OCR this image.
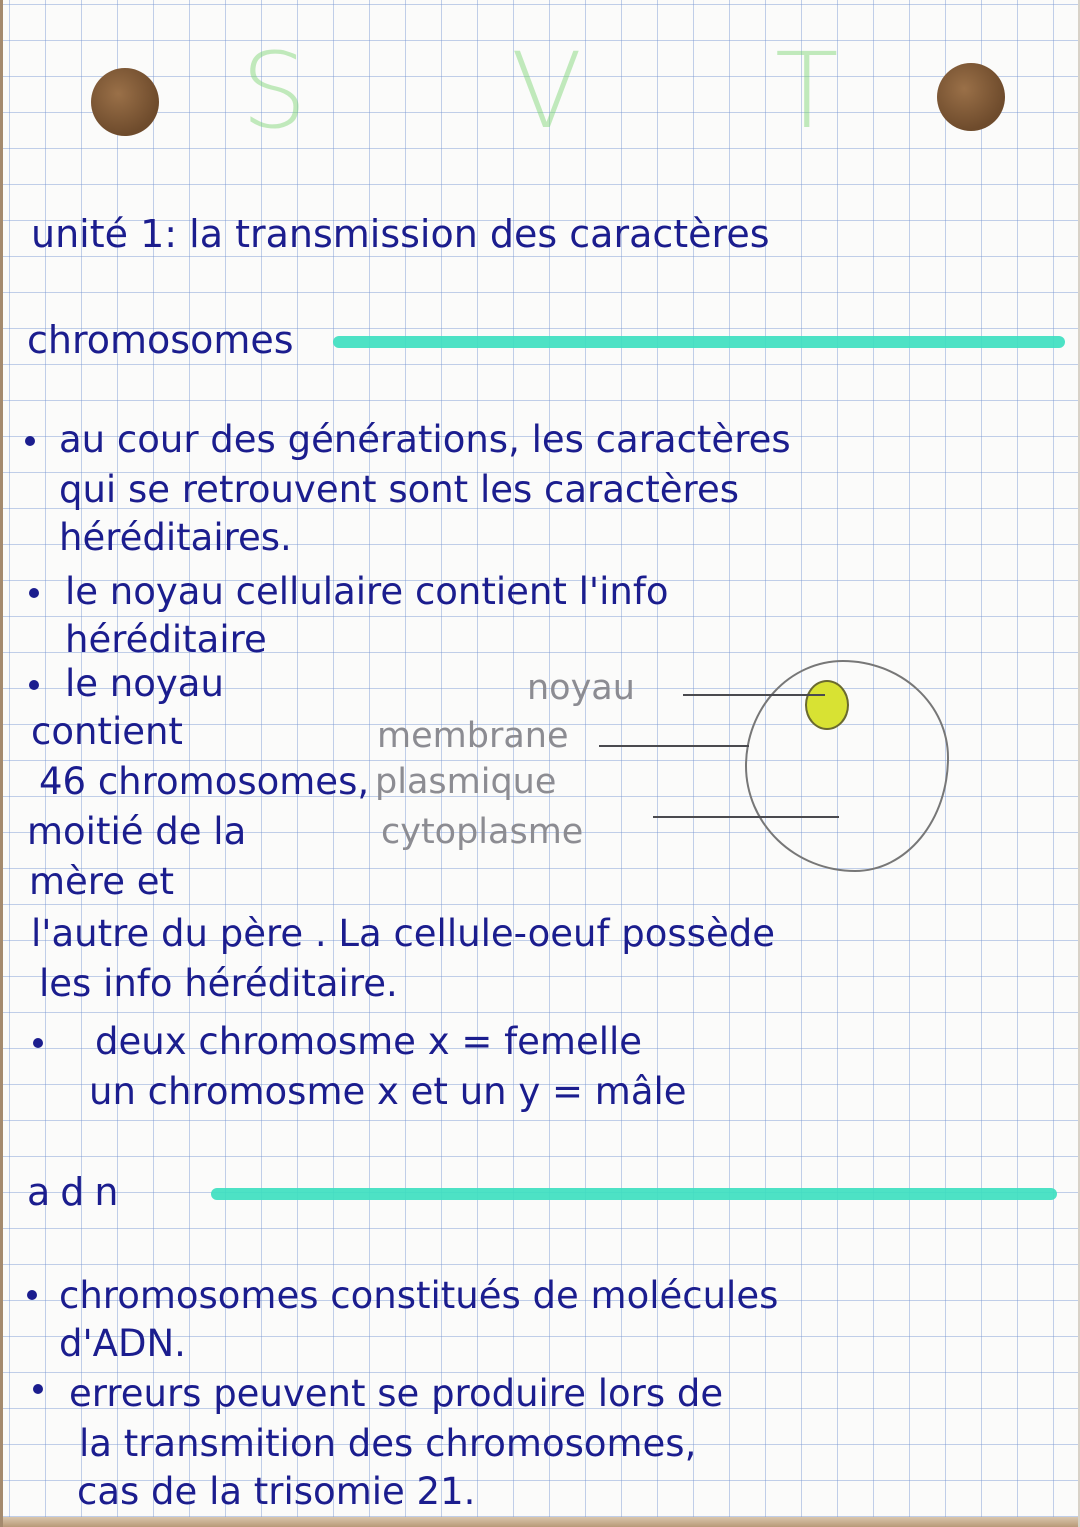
S V T
unité 1: la transmission des caractères
chromosomes
au cour des générations, les caractères
qui se retrouvent sont les caractères
héréditaires.
le noyau cellulaire contient l'info
héréditaire
le noyau
contient
46 chromosomes,
moitié de la
mère et
l'autre du père . La cellule-oeuf possède
les info héréditaire.
noyau
membrane
plasmique
cytoplasme
deux chromosme x = femelle
un chromosme x et un y = mâle
adn
chromosomes constitués de molécules
d'ADN.
erreurs peuvent se produire lors de
la transmition des chromosomes,
cas de la trisomie 21.
